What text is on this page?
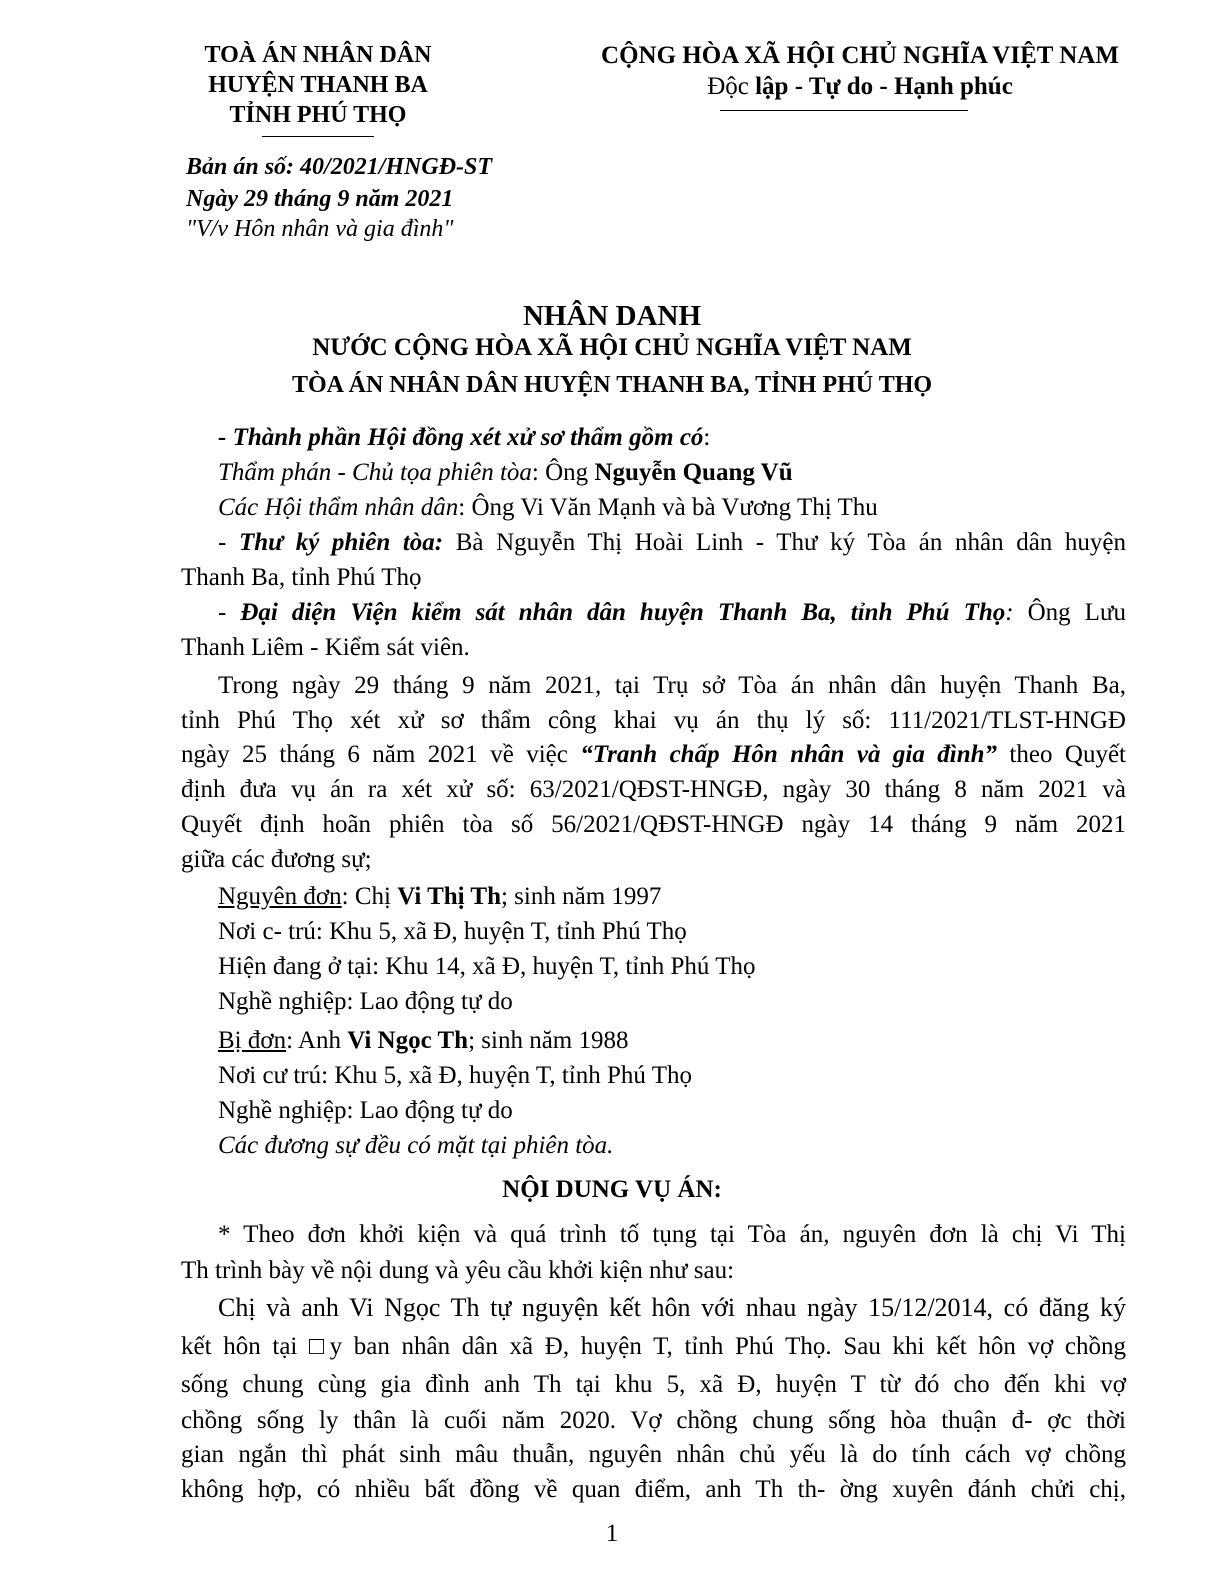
TOÀ ÁN NHÂN DÂN
HUYỆN THANH BA
TỈNH PHÚ THỌ
CỘNG HÒA XÃ HỘI CHỦ NGHĨA VIỆT NAM
Độc lập - Tự do - Hạnh phúc
Bản án số: 40/2021/HNGĐ-ST
Ngày 29 tháng 9 năm 2021
"V/v Hôn nhân và gia đình"
NHÂN DANH
NƯỚC CỘNG HÒA XÃ HỘI CHỦ NGHĨA VIỆT NAM
TÒA ÁN NHÂN DÂN HUYỆN THANH BA, TỈNH PHÚ THỌ
- Thành phần Hội đồng xét xử sơ thẩm gồm có:
Thẩm phán - Chủ tọa phiên tòa: Ông Nguyễn Quang Vũ
Các Hội thẩm nhân dân: Ông Vi Văn Mạnh và bà Vương Thị Thu
- Thư ký phiên tòa: Bà Nguyễn Thị Hoài Linh - Thư ký Tòa án nhân dân huyện
Thanh Ba, tỉnh Phú Thọ
- Đại diện Viện kiểm sát nhân dân huyện Thanh Ba, tỉnh Phú Thọ: Ông Lưu
Thanh Liêm - Kiểm sát viên.
Trong ngày 29 tháng 9 năm 2021, tại Trụ sở Tòa án nhân dân huyện Thanh Ba,
tỉnh Phú Thọ xét xử sơ thẩm công khai vụ án thụ lý số: 111/2021/TLST-HNGĐ
ngày 25 tháng 6 năm 2021 về việc “Tranh chấp Hôn nhân và gia đình” theo Quyết
định đưa vụ án ra xét xử số: 63/2021/QĐST-HNGĐ, ngày 30 tháng 8 năm 2021 và
Quyết định hoãn phiên tòa số 56/2021/QĐST-HNGĐ ngày 14 tháng 9 năm 2021
giữa các đương sự;
Nguyên đơn: Chị Vi Thị Th; sinh năm 1997
Nơi c- trú: Khu 5, xã Đ, huyện T, tỉnh Phú Thọ
Hiện đang ở tại: Khu 14, xã Đ, huyện T, tỉnh Phú Thọ
Nghề nghiệp: Lao động tự do
Bị đơn: Anh Vi Ngọc Th; sinh năm 1988
Nơi cư trú: Khu 5, xã Đ, huyện T, tỉnh Phú Thọ
Nghề nghiệp: Lao động tự do
Các đương sự đều có mặt tại phiên tòa.
NỘI DUNG VỤ ÁN:
* Theo đơn khởi kiện và quá trình tố tụng tại Tòa án, nguyên đơn là chị Vi Thị
Th trình bày về nội dung và yêu cầu khởi kiện như sau:
Chị và anh Vi Ngọc Th tự nguyện kết hôn với nhau ngày 15/12/2014, có đăng ký
kết hôn tại □y ban nhân dân xã Đ, huyện T, tỉnh Phú Thọ. Sau khi kết hôn vợ chồng
sống chung cùng gia đình anh Th tại khu 5, xã Đ, huyện T từ đó cho đến khi vợ
chồng sống ly thân là cuối năm 2020. Vợ chồng chung sống hòa thuận đ- ợc thời
gian ngắn thì phát sinh mâu thuẫn, nguyên nhân chủ yếu là do tính cách vợ chồng
không hợp, có nhiều bất đồng về quan điểm, anh Th th- ờng xuyên đánh chửi chị,
1
